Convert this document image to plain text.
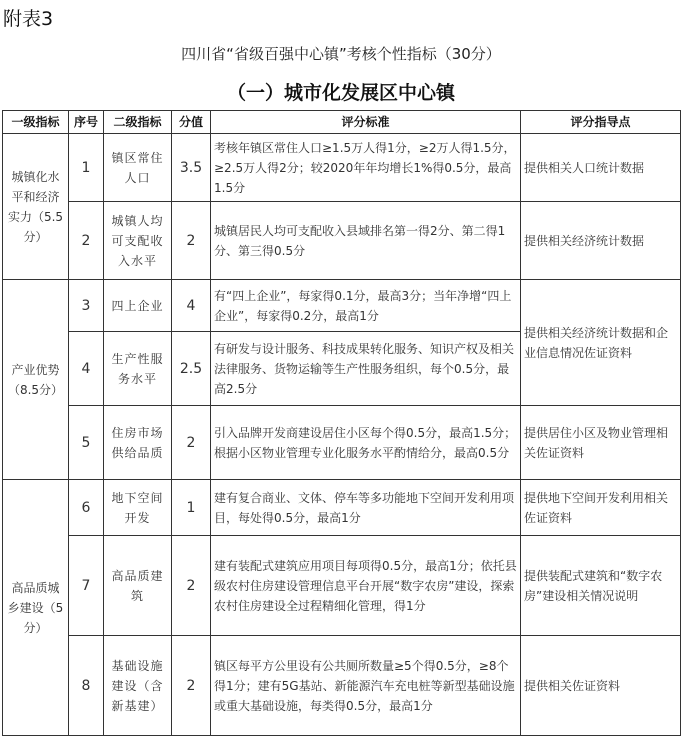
附表3
四川省“省级百强中心镇”考核个性指标（30分）
（一）城市化发展区中心镇
一级指标	序号	二级指标	分值	评分标准	评分指导点
城镇化水平和经济实力（5.5分）	1	镇区常住人口	3.5	考核年镇区常住人口≥1.5万人得1分，≥2万人得1.5分，≥2.5万人得2分；较2020年年均增长1%得0.5分，最高1.5分	提供相关人口统计数据
	2	城镇人均可支配收入水平	2	城镇居民人均可支配收入县域排名第一得2分、第二得1分、第三得0.5分	提供相关经济统计数据
产业优势（8.5分）	3	四上企业	4	有“四上企业”，每家得0.1分，最高3分；当年净增“四上企业”，每家得0.2分，最高1分	提供相关经济统计数据和企业信息情况佐证资料
	4	生产性服务水平	2.5	有研发与设计服务、科技成果转化服务、知识产权及相关法律服务、货物运输等生产性服务组织，每个0.5分，最高2.5分	
	5	住房市场供给品质	2	引入品牌开发商建设居住小区每个得0.5分，最高1.5分；根据小区物业管理专业化服务水平酌情给分，最高0.5分	提供居住小区及物业管理相关佐证资料
高品质城乡建设（5分）	6	地下空间开发	1	建有复合商业、文体、停车等多功能地下空间开发利用项目，每处得0.5分，最高1分	提供地下空间开发利用相关佐证资料
	7	高品质建筑	2	建有装配式建筑应用项目每项得0.5分，最高1分；依托县级农村住房建设管理信息平台开展“数字农房”建设，探索农村住房建设全过程精细化管理，得1分	提供装配式建筑和“数字农房”建设相关情况说明
	8	基础设施建设（含新基建）	2	镇区每平方公里设有公共厕所数量≥5个得0.5分，≥8个得1分；建有5G基站、新能源汽车充电桩等新型基础设施或重大基础设施，每类得0.5分，最高1分	提供相关佐证资料
